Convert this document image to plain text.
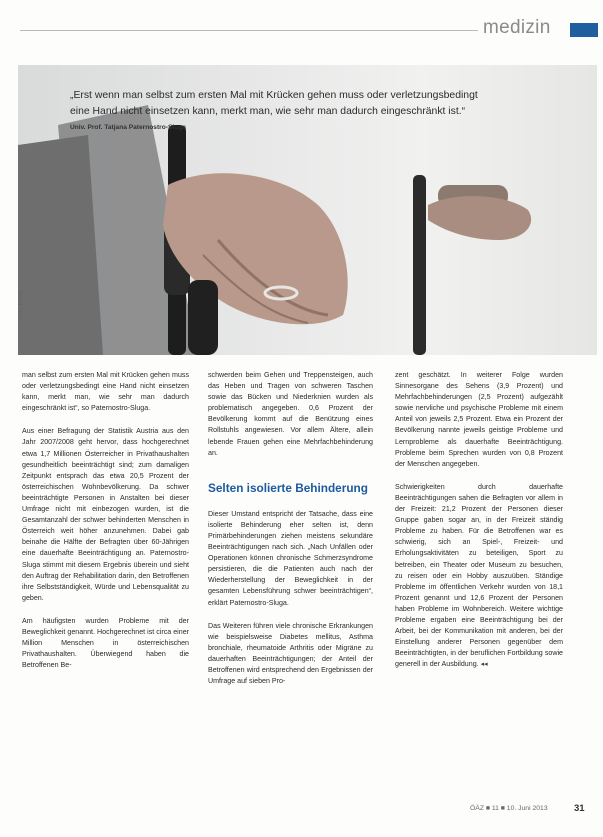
medizin
„Erst wenn man selbst zum ersten Mal mit Krücken gehen muss oder verletzungsbedingt eine Hand nicht einsetzen kann, merkt man, wie sehr man dadurch eingeschränkt ist.“ Univ. Prof. Tatjana Paternostro-Sluga
Foto: Fotolia

man selbst zum ersten Mal mit Krücken gehen muss oder verletzungsbedingt eine Hand nicht einsetzen kann, merkt man, wie sehr man dadurch eingeschränkt ist“, so Paternostro-Sluga.

Aus einer Befragung der Statistik Austria aus den Jahr 2007/2008 geht hervor, dass hochgerechnet etwa 1,7 Millionen Österreicher in Privathaushalten gesundheitlich beeinträchtigt sind; zum damaligen Zeitpunkt entsprach das etwa 20,5 Prozent der österreichischen Wohnbevölkerung. Da schwer beeinträchtigte Personen in Anstalten bei dieser Umfrage nicht mit einbezogen wurden, ist die Gesamtanzahl der schwer behinderten Menschen in Österreich weit höher anzunehmen. Dabei gab beinahe die Hälfte der Befragten über 60-Jährigen eine dauerhafte Beeinträchtigung an. Paternostro-Sluga stimmt mit diesem Ergebnis überein und sieht den Auftrag der Rehabilitation darin, den Betroffenen ihre Selbstständigkeit, Würde und Lebensqualität zu geben.

Am häufigsten wurden Probleme mit der Beweglichkeit genannt. Hochgerechnet ist circa einer Million Menschen in österreichischen Privathaushalten. Überwiegend haben die Betroffenen Be-

schwerden beim Gehen und Treppensteigen, auch das Heben und Tragen von schweren Taschen sowie das Bücken und Niederknien wurden als problematisch angegeben. 0,6 Prozent der Bevölkerung kommt auf die Benützung eines Rollstuhls angewiesen. Vor allem Ältere, allein lebende Frauen gehen eine Mehrfachbehinderung an.

Selten isolierte Behinderung

Dieser Umstand entspricht der Tatsache, dass eine isolierte Behinderung eher selten ist, denn Primärbehinderungen ziehen meistens sekundäre Beeinträchtigungen nach sich. „Nach Unfällen oder Operationen können chronische Schmerzsyndrome persistieren, die die Patienten auch nach der Wiederherstellung der Beweglichkeit in der gesamten Lebensführung schwer beeinträchtigen“, erklärt Paternostro-Sluga.

Das Weiteren führen viele chronische Erkrankungen wie beispielsweise Diabetes mellitus, Asthma bronchiale, rheumatoide Arthritis oder Migräne zu dauerhaften Beeinträchtigungen; der Anteil der Betroffenen wird entsprechend den Ergebnissen der Umfrage auf sieben Pro-

zent geschätzt. In weiterer Folge wurden Sinnesorgane des Sehens (3,9 Prozent) und Mehrfachbehinderungen (2,5 Prozent) aufgezählt sowie nervliche und psychische Probleme mit einem Anteil von jeweils 2,5 Prozent. Etwa ein Prozent der Bevölkerung nannte jeweils geistige Probleme und Lernprobleme als dauerhafte Beeinträchtigung. Probleme beim Sprechen wurden von 0,8 Prozent der Menschen angegeben.

Schwierigkeiten durch dauerhafte Beeinträchtigungen sahen die Befragten vor allem in der Freizeit: 21,2 Prozent der Personen dieser Gruppe gaben sogar an, in der Freizeit ständig Probleme zu haben. Für die Betroffenen war es schwierig, sich an Spiel-, Freizeit- und Erholungsaktivitäten zu beteiligen, Sport zu betreiben, ein Theater oder Museum zu besuchen, zu reisen oder ein Hobby auszuüben. Ständige Probleme im öffentlichen Verkehr wurden von 18,1 Prozent genannt und 12,6 Prozent der Personen haben Probleme im Wohnbereich. Weitere wichtige Probleme ergaben eine Beeinträchtigung bei der Arbeit, bei der Kommunikation mit anderen, bei der Einstellung anderer Personen gegenüber dem Beeinträchtigten, in der beruflichen Fortbildung sowie generell in der Ausbildung. ◂◂

ÖÄZ ■ 11 ■ 10. Juni 2013	31
